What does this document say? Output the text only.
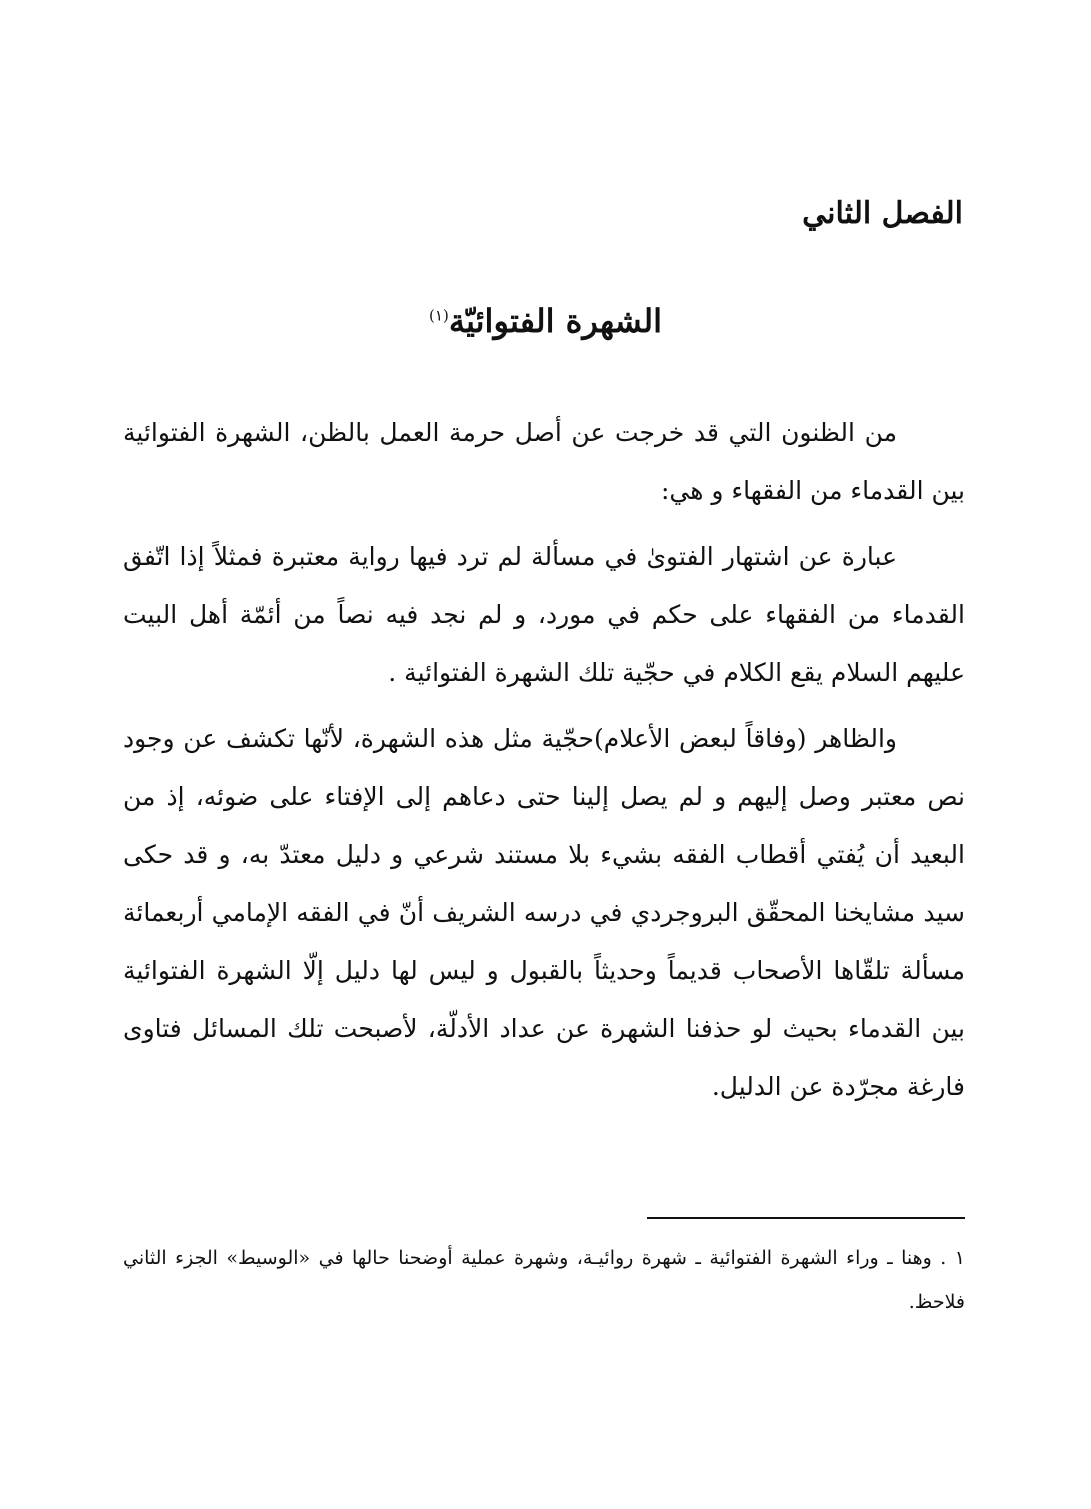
الفصل الثاني
الشهرة الفتوائيّة$^{(١)}$

من الظنون التي قد خرجت عن أصل حرمة العمل بالظن، الشهرة الفتوائية بين القدماء من الفقهاء و هي:

عبارة عن اشتهار الفتوىٰ في مسألة لم ترد فيها رواية معتبرة فمثلاً إذا اتّفق القدماء من الفقهاء على حكم في مورد، و لم نجد فيه نصاً من أئمّة أهل البيت عليهم السلام يقع الكلام في حجّية تلك الشهرة الفتوائية .

والظاهر (وفاقاً لبعض الأعلام)حجّية مثل هذه الشهرة، لأنّها تكشف عن وجود نص معتبر وصل إليهم و لم يصل إلينا حتى دعاهم إلى الإفتاء على ضوئه، إذ من البعيد أن يُفتي أقطاب الفقه بشيء بلا مستند شرعي و دليل معتدّ به، و قد حكى سيد مشايخنا المحقّق البروجردي في درسه الشريف أنّ في الفقه الإمامي أربعمائة مسألة تلقّاها الأصحاب قديماً وحديثاً بالقبول و ليس لها دليل إلّا الشهرة الفتوائية بين القدماء بحيث لو حذفنا الشهرة عن عداد الأدلّة، لأصبحت تلك المسائل فتاوى فارغة مجرّدة عن الدليل.

١ . وهنا ـ وراء الشهرة الفتوائية ـ شهرة روائيـة، وشهرة عملية أوضحنا حالها في «الوسيط» الجزء الثاني فلاحظ.
